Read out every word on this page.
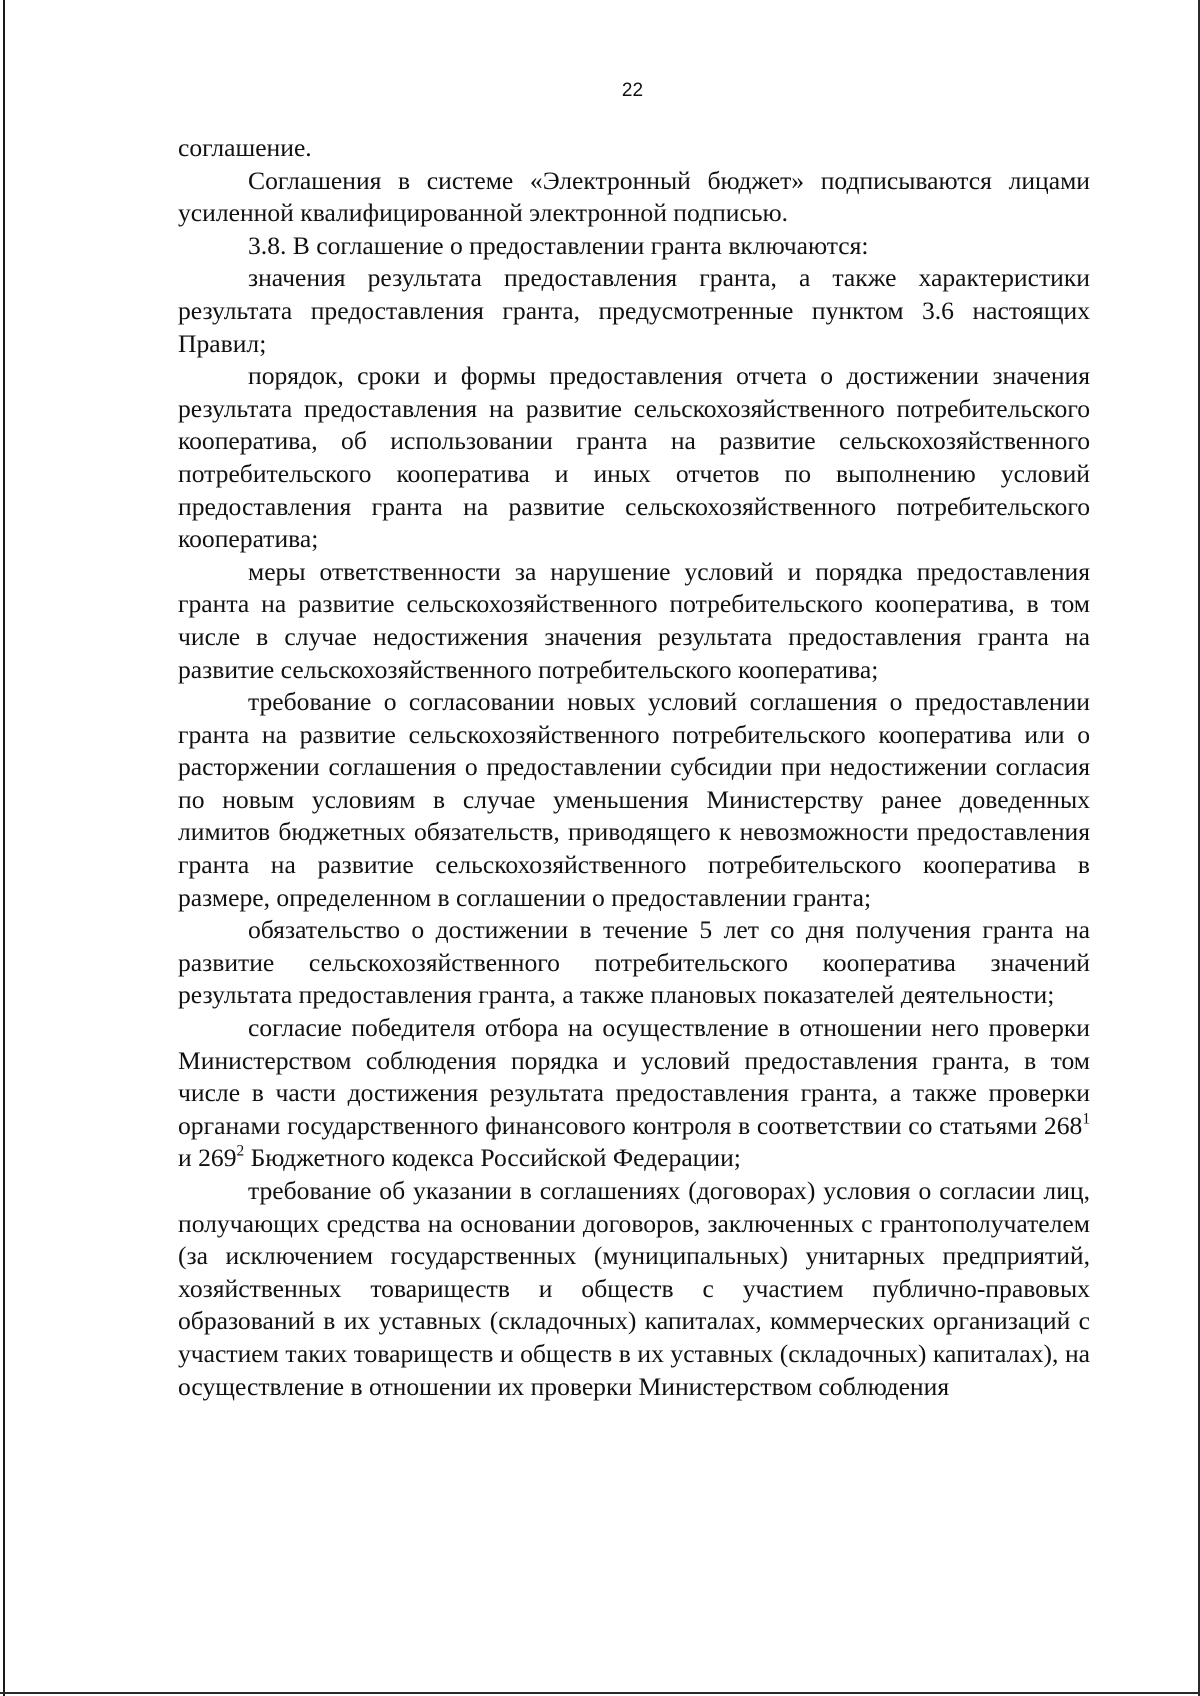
22

соглашение.

Соглашения в системе «Электронный бюджет» подписываются лицами усиленной квалифицированной электронной подписью.

3.8. В соглашение о предоставлении гранта включаются:

значения результата предоставления гранта, а также характеристики результата предоставления гранта, предусмотренные пунктом 3.6 настоящих Правил;

порядок, сроки и формы предоставления отчета о достижении значения результата предоставления на развитие сельскохозяйственного потребительского кооператива, об использовании гранта на развитие сельскохозяйственного потребительского кооператива и иных отчетов по выполнению условий предоставления гранта на развитие сельскохозяйственного потребительского кооператива;

меры ответственности за нарушение условий и порядка предоставления гранта на развитие сельскохозяйственного потребительского кооператива, в том числе в случае недостижения значения результата предоставления гранта на развитие сельскохозяйственного потребительского кооператива;

требование о согласовании новых условий соглашения о предоставлении гранта на развитие сельскохозяйственного потребительского кооператива или о расторжении соглашения о предоставлении субсидии при недостижении согласия по новым условиям в случае уменьшения Министерству ранее доведенных лимитов бюджетных обязательств, приводящего к невозможности предоставления гранта на развитие сельскохозяйственного потребительского кооператива в размере, определенном в соглашении о предоставлении гранта;

обязательство о достижении в течение 5 лет со дня получения гранта на развитие сельскохозяйственного потребительского кооператива значений результата предоставления гранта, а также плановых показателей деятельности;

согласие победителя отбора на осуществление в отношении него проверки Министерством соблюдения порядка и условий предоставления гранта, в том числе в части достижения результата предоставления гранта, а также проверки органами государственного финансового контроля в соответствии со статьями $268^1$ и $269^2$ Бюджетного кодекса Российской Федерации;

требование об указании в соглашениях (договорах) условия о согласии лиц, получающих средства на основании договоров, заключенных с грантополучателем (за исключением государственных (муниципальных) унитарных предприятий, хозяйственных товариществ и обществ с участием публично-правовых образований в их уставных (складочных) капиталах, коммерческих организаций с участием таких товариществ и обществ в их уставных (складочных) капиталах), на осуществление в отношении их проверки Министерством соблюдения
